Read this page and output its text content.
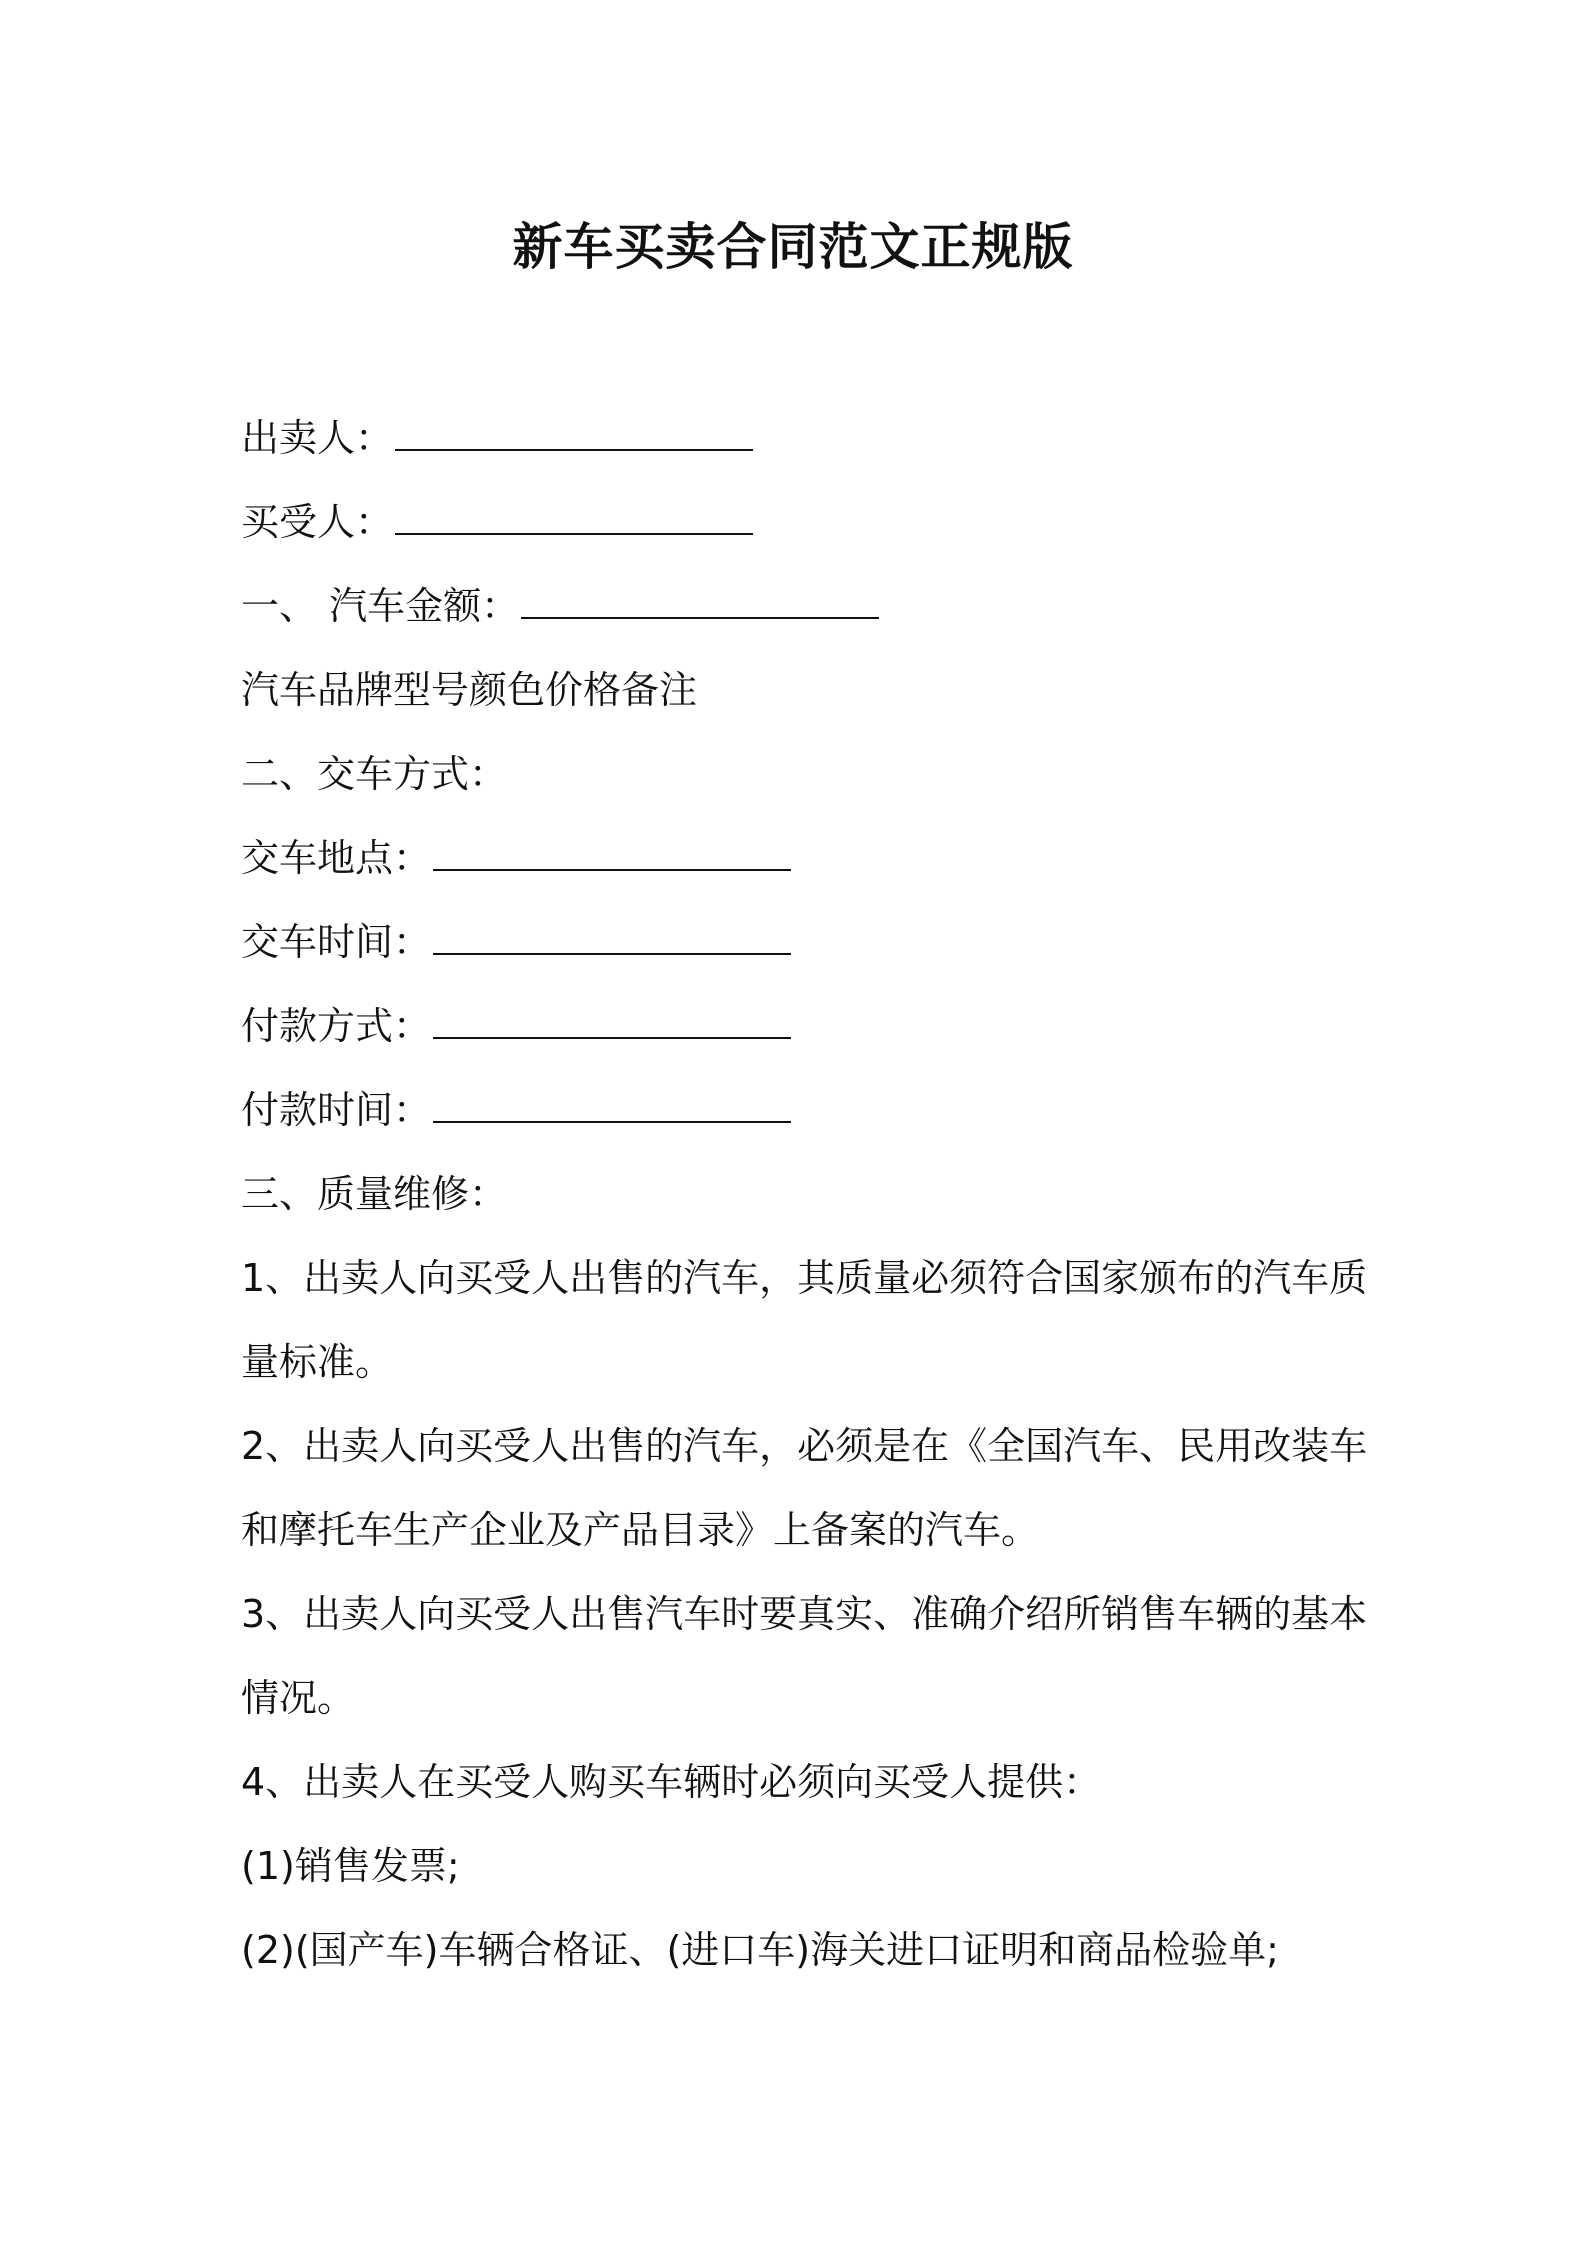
新车买卖合同范文正规版
出卖人：
买受人：
一、 汽车金额：
汽车品牌型号颜色价格备注
二、交车方式：
交车地点：
交车时间：
付款方式：
付款时间：
三、质量维修：
1、出卖人向买受人出售的汽车，其质量必须符合国家颁布的汽车质
量标准。
2、出卖人向买受人出售的汽车，必须是在《全国汽车、民用改装车
和摩托车生产企业及产品目录》上备案的汽车。
3、出卖人向买受人出售汽车时要真实、准确介绍所销售车辆的基本
情况。
4、出卖人在买受人购买车辆时必须向买受人提供：
(1)销售发票;
(2)(国产车)车辆合格证、(进口车)海关进口证明和商品检验单;
